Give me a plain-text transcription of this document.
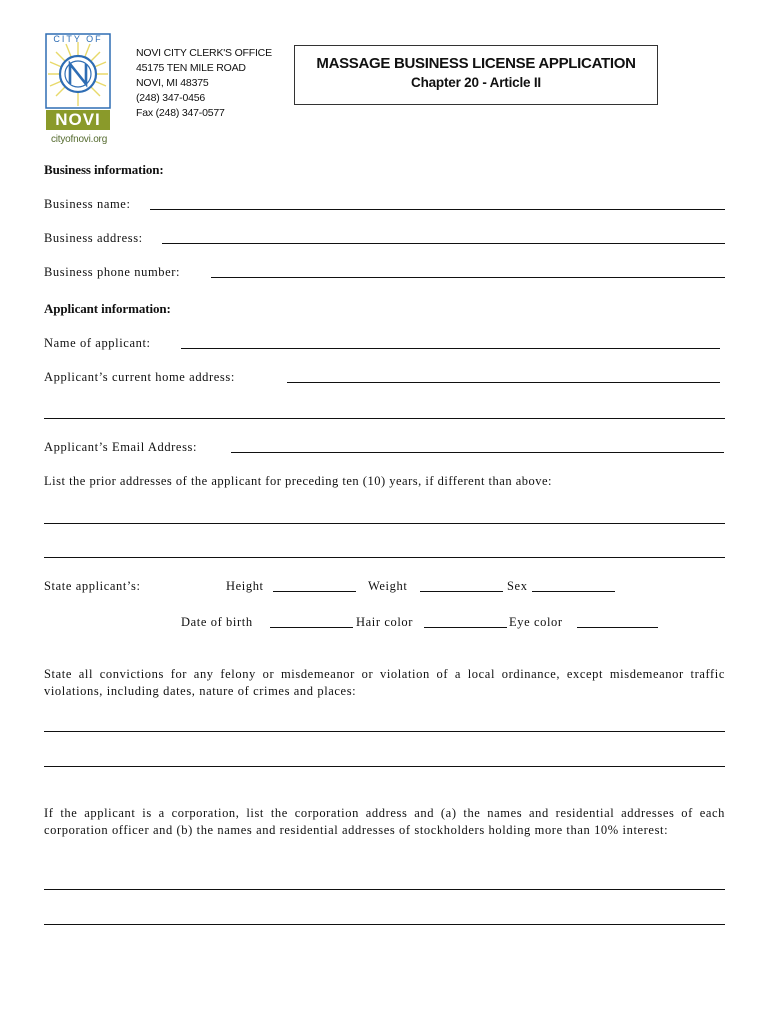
CITY OF
NOVI
cityofnovi.org
NOVI CITY CLERK'S OFFICE
45175 TEN MILE ROAD
NOVI, MI 48375
(248) 347-0456
Fax (248) 347-0577
MASSAGE BUSINESS LICENSE APPLICATION
Chapter 20 - Article II
Business information:
Business name:
Business address:
Business phone number:
Applicant information:
Name of applicant:
Applicant’s current home address:
Applicant’s Email Address:
List the prior addresses of the applicant for preceding ten (10) years, if different than above:
State applicant’s:	Height	Weight	Sex
Date of birth	Hair color	Eye color
State all convictions for any felony or misdemeanor or violation of a local ordinance, except misdemeanor traffic violations, including dates, nature of crimes and places:
If the applicant is a corporation, list the corporation address and (a) the names and residential addresses of each corporation officer and (b) the names and residential addresses of stockholders holding more than 10% interest:
